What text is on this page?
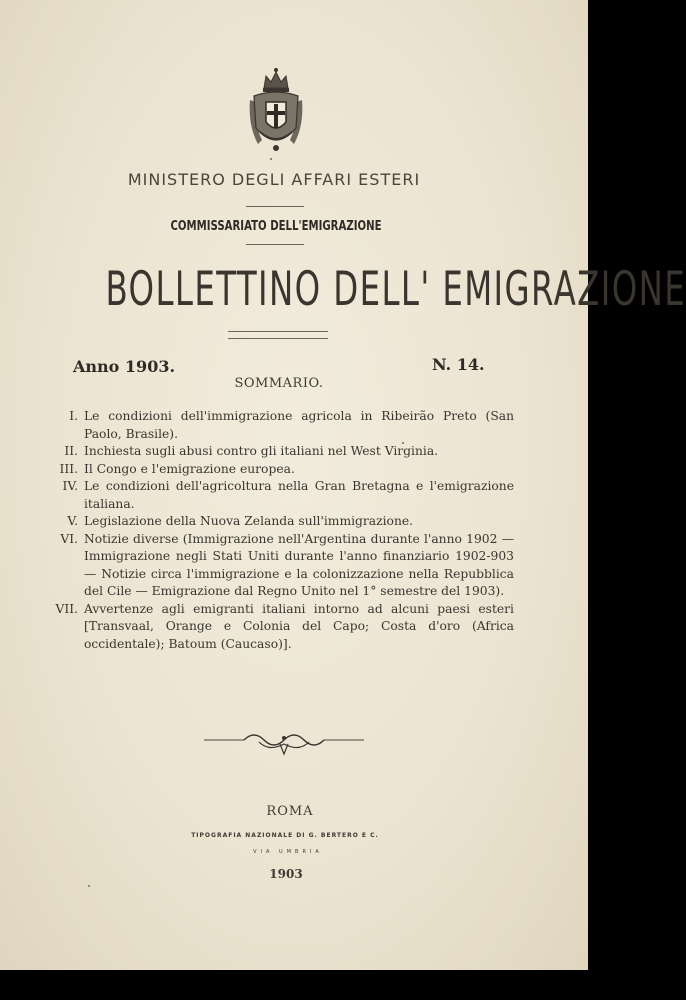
MINISTERO DEGLI AFFARI ESTERI
COMMISSARIATO DELL'EMIGRAZIONE
BOLLETTINO DELL' EMIGRAZIONE
Anno 1903.	N. 14.
SOMMARIO.
I. Le condizioni dell'immigrazione agricola in Ribeirão Preto (San Paolo, Brasile).
II. Inchiesta sugli abusi contro gli italiani nel West Virginia.
III. Il Congo e l'emigrazione europea.
IV. Le condizioni dell'agricoltura nella Gran Bretagna e l'emigrazione italiana.
V. Legislazione della Nuova Zelanda sull'immigrazione.
VI. Notizie diverse (Immigrazione nell'Argentina durante l'anno 1902 — Immigrazione negli Stati Uniti durante l'anno finanziario 1902-903 — Notizie circa l'immigrazione e la colonizzazione nella Repubblica del Cile — Emigrazione dal Regno Unito nel 1° semestre del 1903).
VII. Avvertenze agli emigranti italiani intorno ad alcuni paesi esteri [Transvaal, Orange e Colonia del Capo; Costa d'oro (Africa occidentale); Batoum (Caucaso)].
ROMA
TIPOGRAFIA NAZIONALE DI G. BERTERO E C.
VIA UMBRIA
1903
